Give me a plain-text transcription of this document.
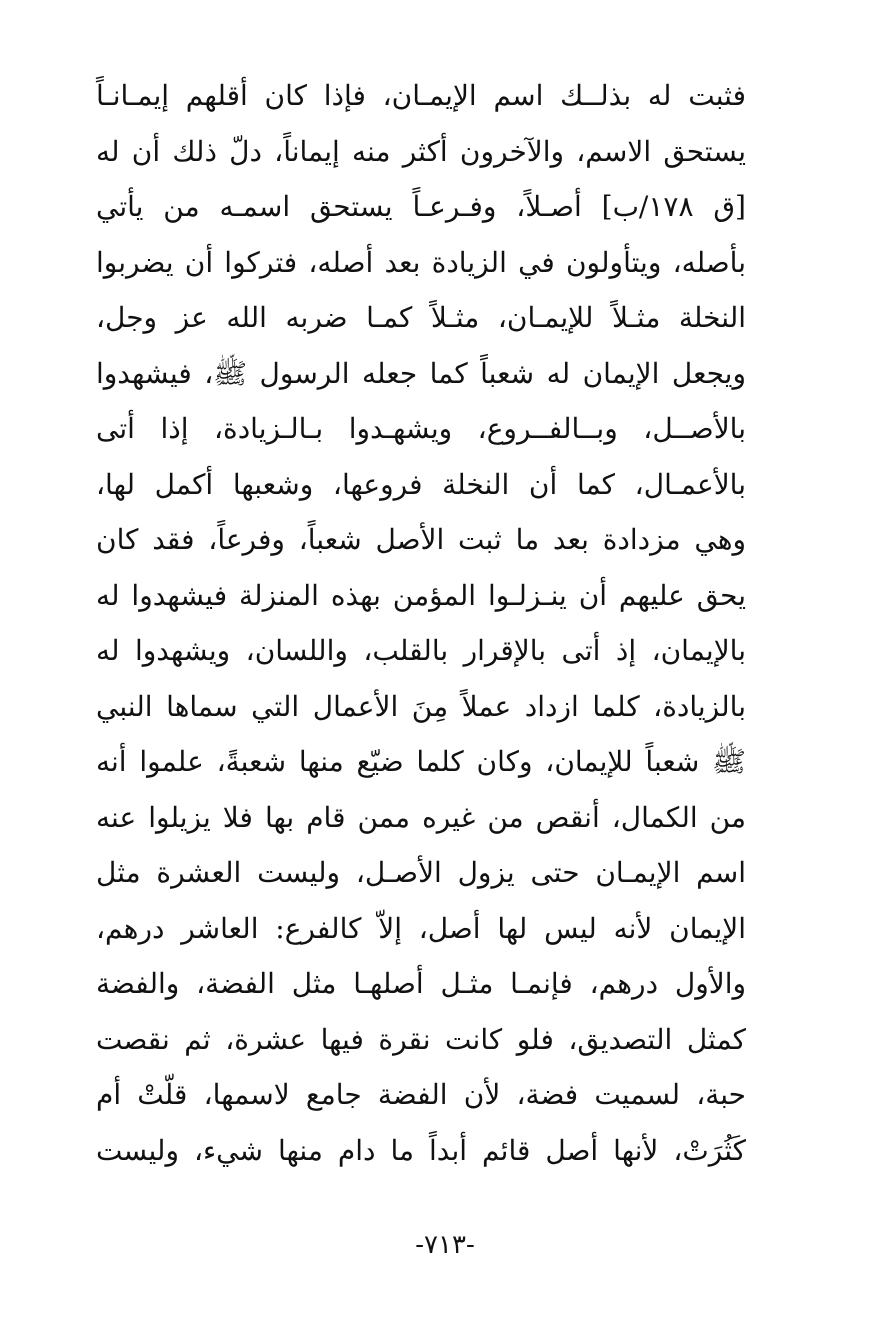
فثبت له بذلــك اسم الإيمـان، فإذا كان أقلهم إيمـانـاً
يستحق الاسم، والآخرون أكثر منه إيماناً، دلّ ذلك أن له
[ق ١٧٨/ب] أصـلاً، وفـرعـاً يستحق اسمـه من يأتي
بأصله، ويتأولون في الزيادة بعد أصله، فتركوا أن يضربوا
النخلة مثـلاً للإيمـان، مثـلاً كمـا ضربه الله عز وجل،
ويجعل الإيمان له شعباً كما جعله الرسول ﷺ، فيشهدوا
بالأصــل، وبــالفــروع، ويشهـدوا بـالـزيادة، إذا أتى
بالأعمـال، كما أن النخلة فروعها، وشعبها أكمل لها،
وهي مزدادة بعد ما ثبت الأصل شعباً، وفرعاً، فقد كان
يحق عليهم أن ينـزلـوا المؤمن بهذه المنزلة فيشهدوا له
بالإيمان، إذ أتى بالإقرار بالقلب، واللسان، ويشهدوا له
بالزيادة، كلما ازداد عملاً مِنَ الأعمال التي سماها النبي
ﷺ شعباً للإيمان، وكان كلما ضيّع منها شعبةً، علموا أنه
من الكمال، أنقص من غيره ممن قام بها فلا يزيلوا عنه
اسم الإيمـان حتى يزول الأصـل، وليست العشرة مثل
الإيمان لأنه ليس لها أصل، إلاّ كالفرع: العاشر درهم،
والأول درهم، فإنمـا مثـل أصلهـا مثل الفضة، والفضة
كمثل التصديق، فلو كانت نقرة فيها عشرة، ثم نقصت
حبة، لسميت فضة، لأن الفضة جامع لاسمها، قلّتْ أم
كَثُرَتْ، لأنها أصل قائم أبداً ما دام منها شيء، وليست
-٧١٣-
